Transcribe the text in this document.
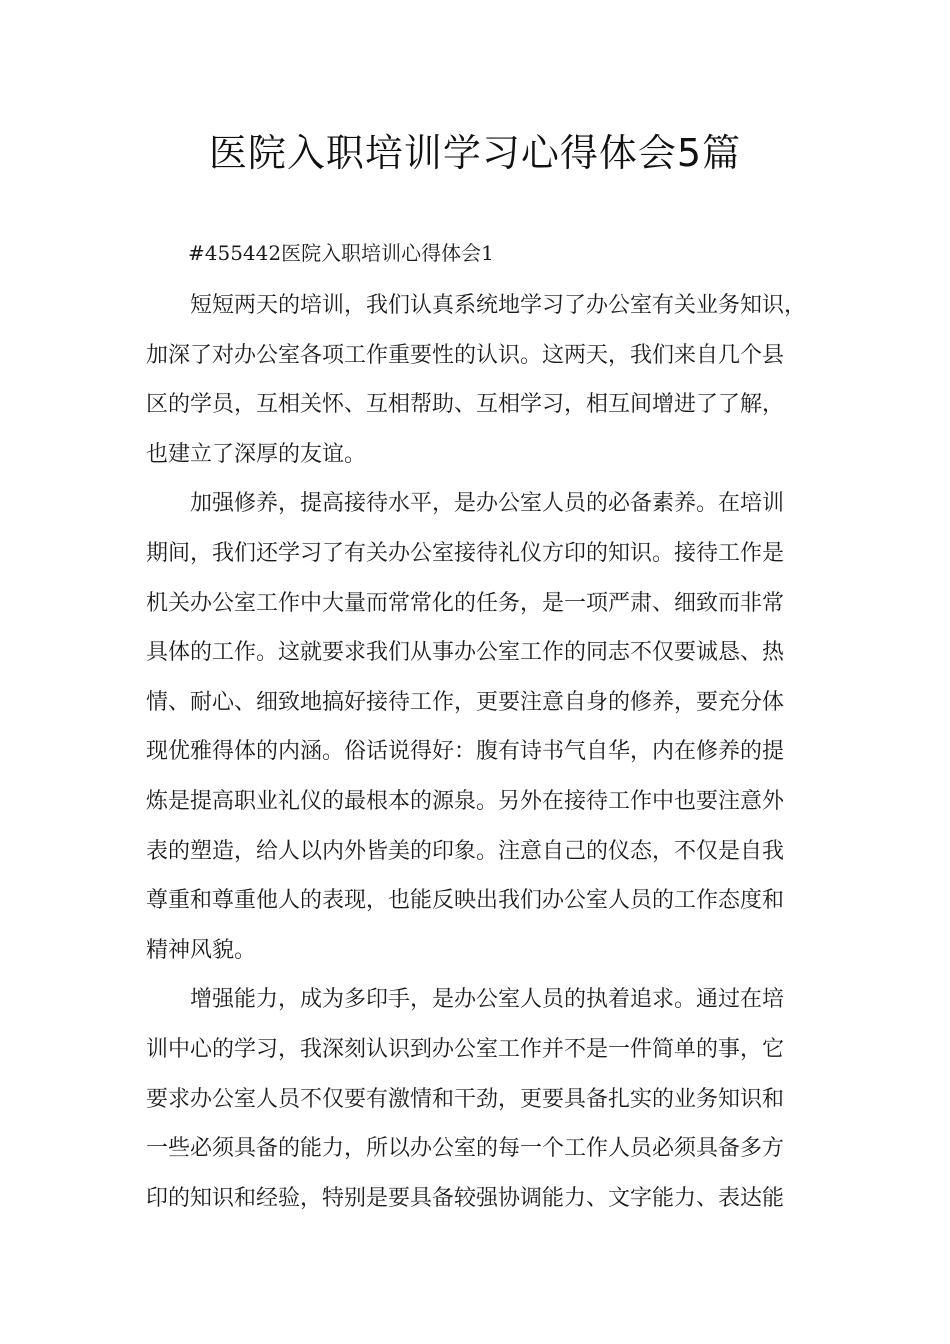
医院入职培训学习心得体会5篇
#455442医院入职培训心得体会1
短短两天的培训，我们认真系统地学习了办公室有关业务知识，
加深了对办公室各项工作重要性的认识。这两天，我们来自几个县
区的学员，互相关怀、互相帮助、互相学习，相互间增进了了解，
也建立了深厚的友谊。
加强修养，提高接待水平，是办公室人员的必备素养。在培训
期间，我们还学习了有关办公室接待礼仪方印的知识。接待工作是
机关办公室工作中大量而常常化的任务，是一项严肃、细致而非常
具体的工作。这就要求我们从事办公室工作的同志不仅要诚恳、热
情、耐心、细致地搞好接待工作，更要注意自身的修养，要充分体
现优雅得体的内涵。俗话说得好：腹有诗书气自华，内在修养的提
炼是提高职业礼仪的最根本的源泉。另外在接待工作中也要注意外
表的塑造，给人以内外皆美的印象。注意自己的仪态，不仅是自我
尊重和尊重他人的表现，也能反映出我们办公室人员的工作态度和
精神风貌。
增强能力，成为多印手，是办公室人员的执着追求。通过在培
训中心的学习，我深刻认识到办公室工作并不是一件简单的事，它
要求办公室人员不仅要有激情和干劲，更要具备扎实的业务知识和
一些必须具备的能力，所以办公室的每一个工作人员必须具备多方
印的知识和经验，特别是要具备较强协调能力、文字能力、表达能
